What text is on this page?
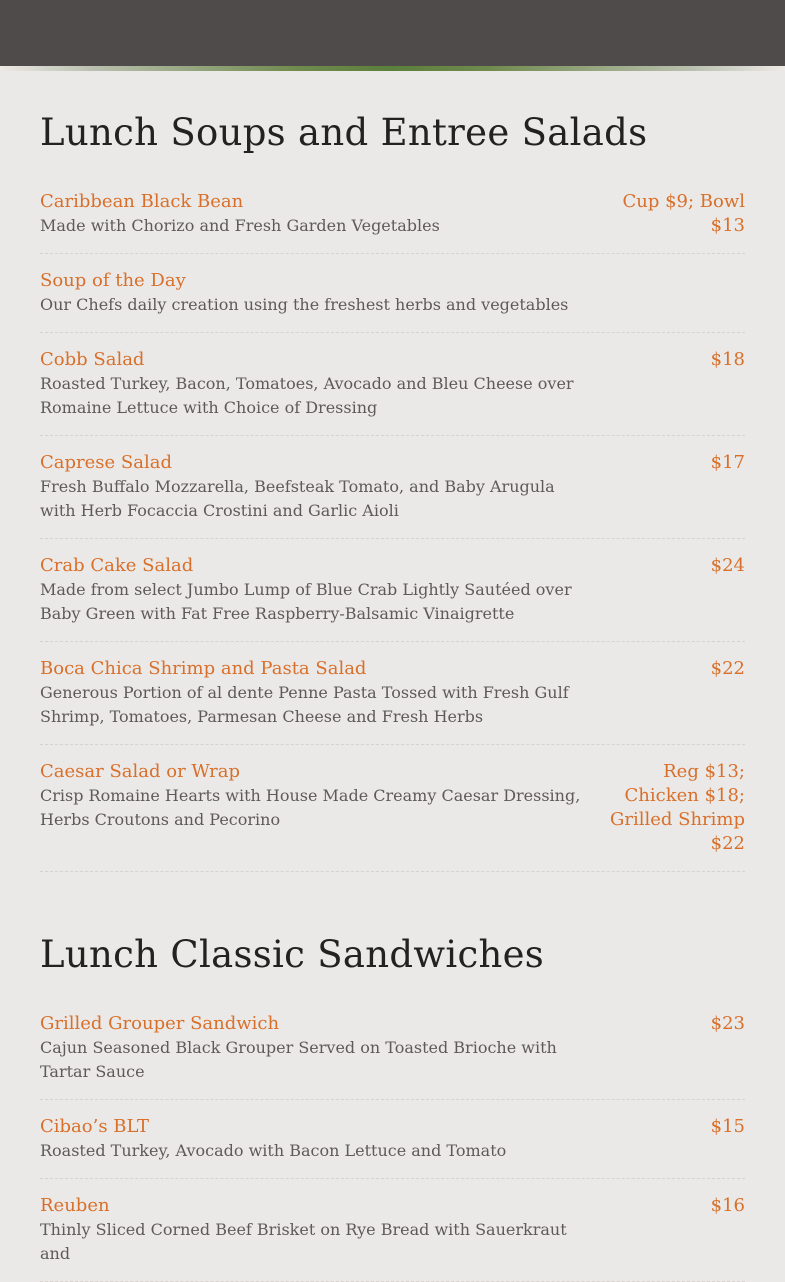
Lunch Soups and Entree Salads
Caribbean Black Bean
Made with Chorizo and Fresh Garden Vegetables
Cup $9; Bowl $13
Soup of the Day
Our Chefs daily creation using the freshest herbs and vegetables
Cobb Salad
Roasted Turkey, Bacon, Tomatoes, Avocado and Bleu Cheese over Romaine Lettuce with Choice of Dressing
$18
Caprese Salad
Fresh Buffalo Mozzarella, Beefsteak Tomato, and Baby Arugula with Herb Focaccia Crostini and Garlic Aioli
$17
Crab Cake Salad
Made from select Jumbo Lump of Blue Crab Lightly Sautéed over Baby Green with Fat Free Raspberry-Balsamic Vinaigrette
$24
Boca Chica Shrimp and Pasta Salad
Generous Portion of al dente Penne Pasta Tossed with Fresh Gulf Shrimp, Tomatoes, Parmesan Cheese and Fresh Herbs
$22
Caesar Salad or Wrap
Crisp Romaine Hearts with House Made Creamy Caesar Dressing, Herbs Croutons and Pecorino
Reg $13; Chicken $18; Grilled Shrimp $22
Lunch Classic Sandwiches
Grilled Grouper Sandwich
Cajun Seasoned Black Grouper Served on Toasted Brioche with Tartar Sauce
$23
Cibao’s BLT
Roasted Turkey, Avocado with Bacon Lettuce and Tomato
$15
Reuben
Thinly Sliced Corned Beef Brisket on Rye Bread with Sauerkraut and
$16
